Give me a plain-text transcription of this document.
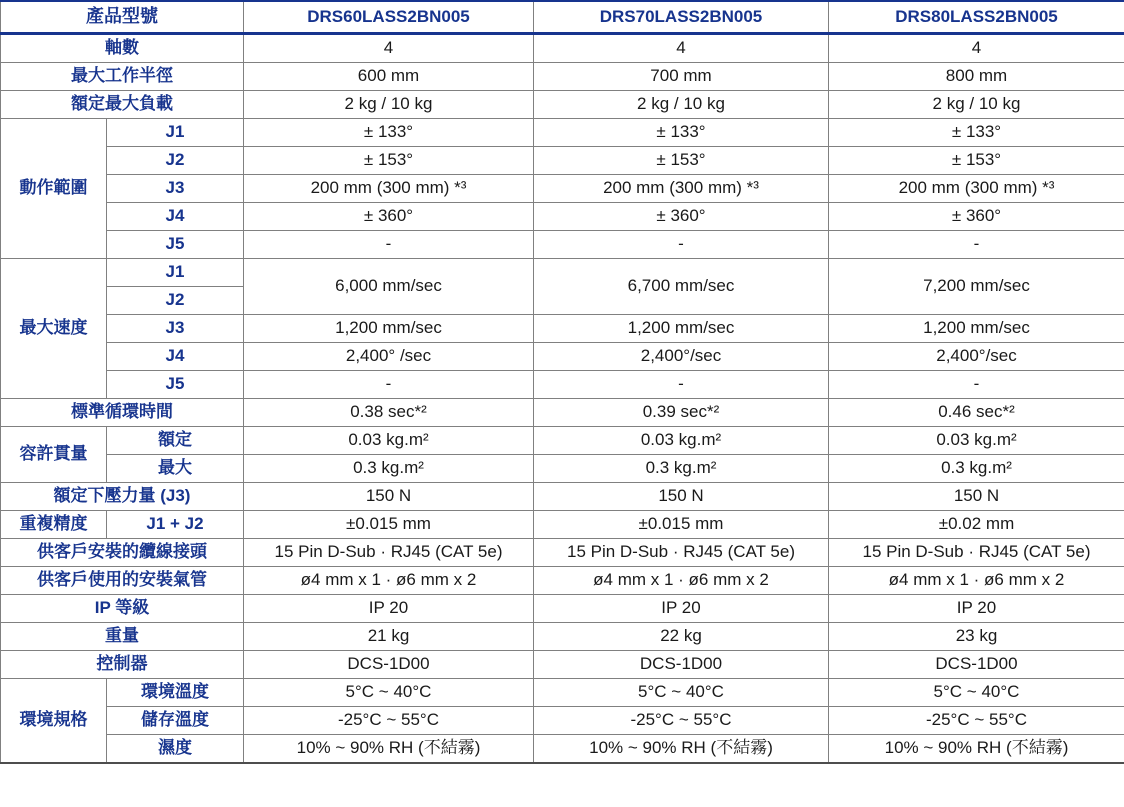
產品型號		DRS60LASS2BN005	DRS70LASS2BN005	DRS80LASS2BN005
軸數		4	4	4
最大工作半徑		600 mm	700 mm	800 mm
額定最大負載		2 kg / 10 kg	2 kg / 10 kg	2 kg / 10 kg
動作範圍	J1	± 133°	± 133°	± 133°
	J2	± 153°	± 153°	± 153°
	J3	200 mm (300 mm) *³	200 mm (300 mm) *³	200 mm (300 mm) *³
	J4	± 360°	± 360°	± 360°
	J5	-	-	-
最大速度	J1	6,000 mm/sec	6,700 mm/sec	7,200 mm/sec
	J2			
	J3	1,200 mm/sec	1,200 mm/sec	1,200 mm/sec
	J4	2,400° /sec	2,400°/sec	2,400°/sec
	J5	-	-	-
標準循環時間		0.38 sec*²	0.39 sec*²	0.46 sec*²
容許貫量	額定	0.03 kg.m²	0.03 kg.m²	0.03 kg.m²
	最大	0.3 kg.m²	0.3 kg.m²	0.3 kg.m²
額定下壓力量 (J3)		150 N	150 N	150 N
重複精度	J1 + J2	±0.015 mm	±0.015 mm	±0.02 mm
供客戶安裝的纜線接頭		15 Pin D-Sub · RJ45 (CAT 5e)	15 Pin D-Sub · RJ45 (CAT 5e)	15 Pin D-Sub · RJ45 (CAT 5e)
供客戶使用的安裝氣管		ø4 mm x 1 · ø6 mm x 2	ø4 mm x 1 · ø6 mm x 2	ø4 mm x 1 · ø6 mm x 2
IP 等級		IP 20	IP 20	IP 20
重量		21 kg	22 kg	23 kg
控制器		DCS-1D00	DCS-1D00	DCS-1D00
環境規格	環境溫度	5°C ~ 40°C	5°C ~ 40°C	5°C ~ 40°C
	儲存溫度	-25°C ~ 55°C	-25°C ~ 55°C	-25°C ~ 55°C
	濕度	10% ~ 90% RH (不結霧)	10% ~ 90% RH (不結霧)	10% ~ 90% RH (不結霧)
